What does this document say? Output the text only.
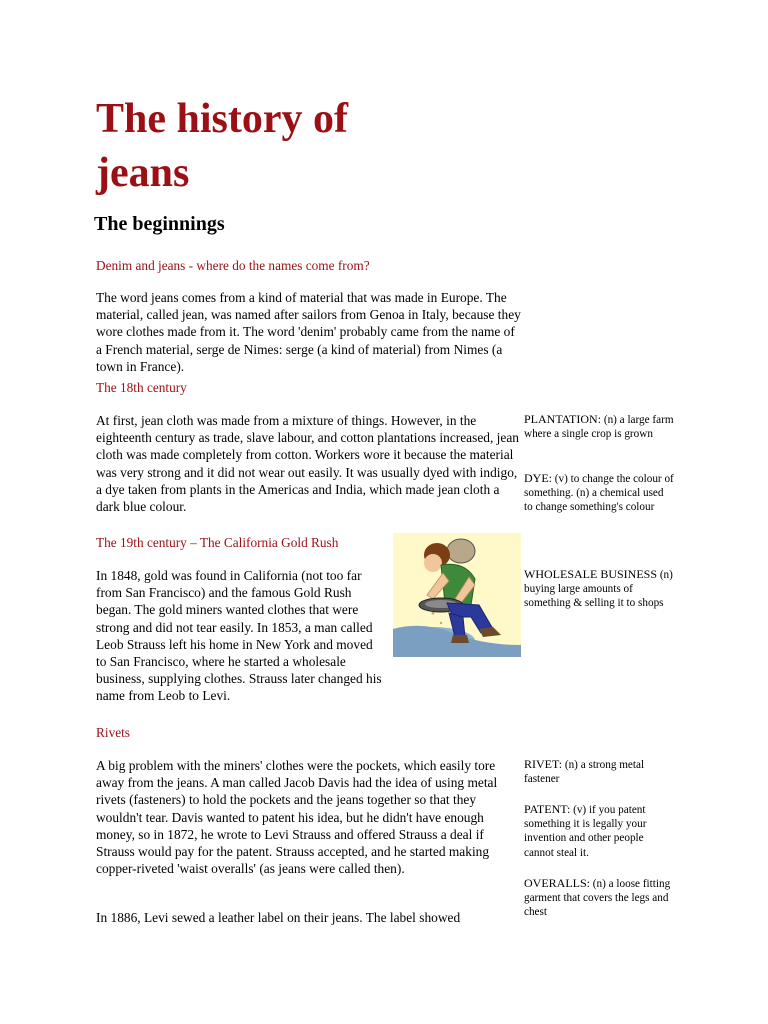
The history of
jeans
The beginnings
Denim and jeans - where do the names come from?

The word jeans comes from a kind of material that was made in Europe. The material, called jean, was named after sailors from Genoa in Italy, because they wore clothes made from it. The word 'denim' probably came from the name of a French material, serge de Nimes: serge (a kind of material) from Nimes (a town in France).

The 18th century

At first, jean cloth was made from a mixture of things. However, in the eighteenth century as trade, slave labour, and cotton plantations increased, jean cloth was made completely from cotton. Workers wore it because the material was very strong and it did not wear out easily. It was usually dyed with indigo, a dye taken from plants in the Americas and India, which made jean cloth a dark blue colour.

The 19th century – The California Gold Rush

In 1848, gold was found in California (not too far from San Francisco) and the famous Gold Rush began. The gold miners wanted clothes that were strong and did not tear easily. In 1853, a man called Leob Strauss left his home in New York and moved to San Francisco, where he started a wholesale business, supplying clothes. Strauss later changed his name from Leob to Levi.

Rivets

A big problem with the miners' clothes were the pockets, which easily tore away from the jeans. A man called Jacob Davis had the idea of using metal rivets (fasteners) to hold the pockets and the jeans together so that they wouldn't tear. Davis wanted to patent his idea, but he didn't have enough money, so in 1872, he wrote to Levi Strauss and offered Strauss a deal if Strauss would pay for the patent. Strauss accepted, and he started making copper-riveted 'waist overalls' (as jeans were called then).

In 1886, Levi sewed a leather label on their jeans. The label showed

PLANTATION: (n) a large farm where a single crop is grown
DYE: (v) to change the colour of something. (n) a chemical used to change something's colour
WHOLESALE BUSINESS (n) buying large amounts of something & selling it to shops
RIVET: (n) a strong metal fastener
PATENT: (v) if you patent something it is legally your invention and other people cannot steal it.
OVERALLS: (n) a loose fitting garment that covers the legs and chest
